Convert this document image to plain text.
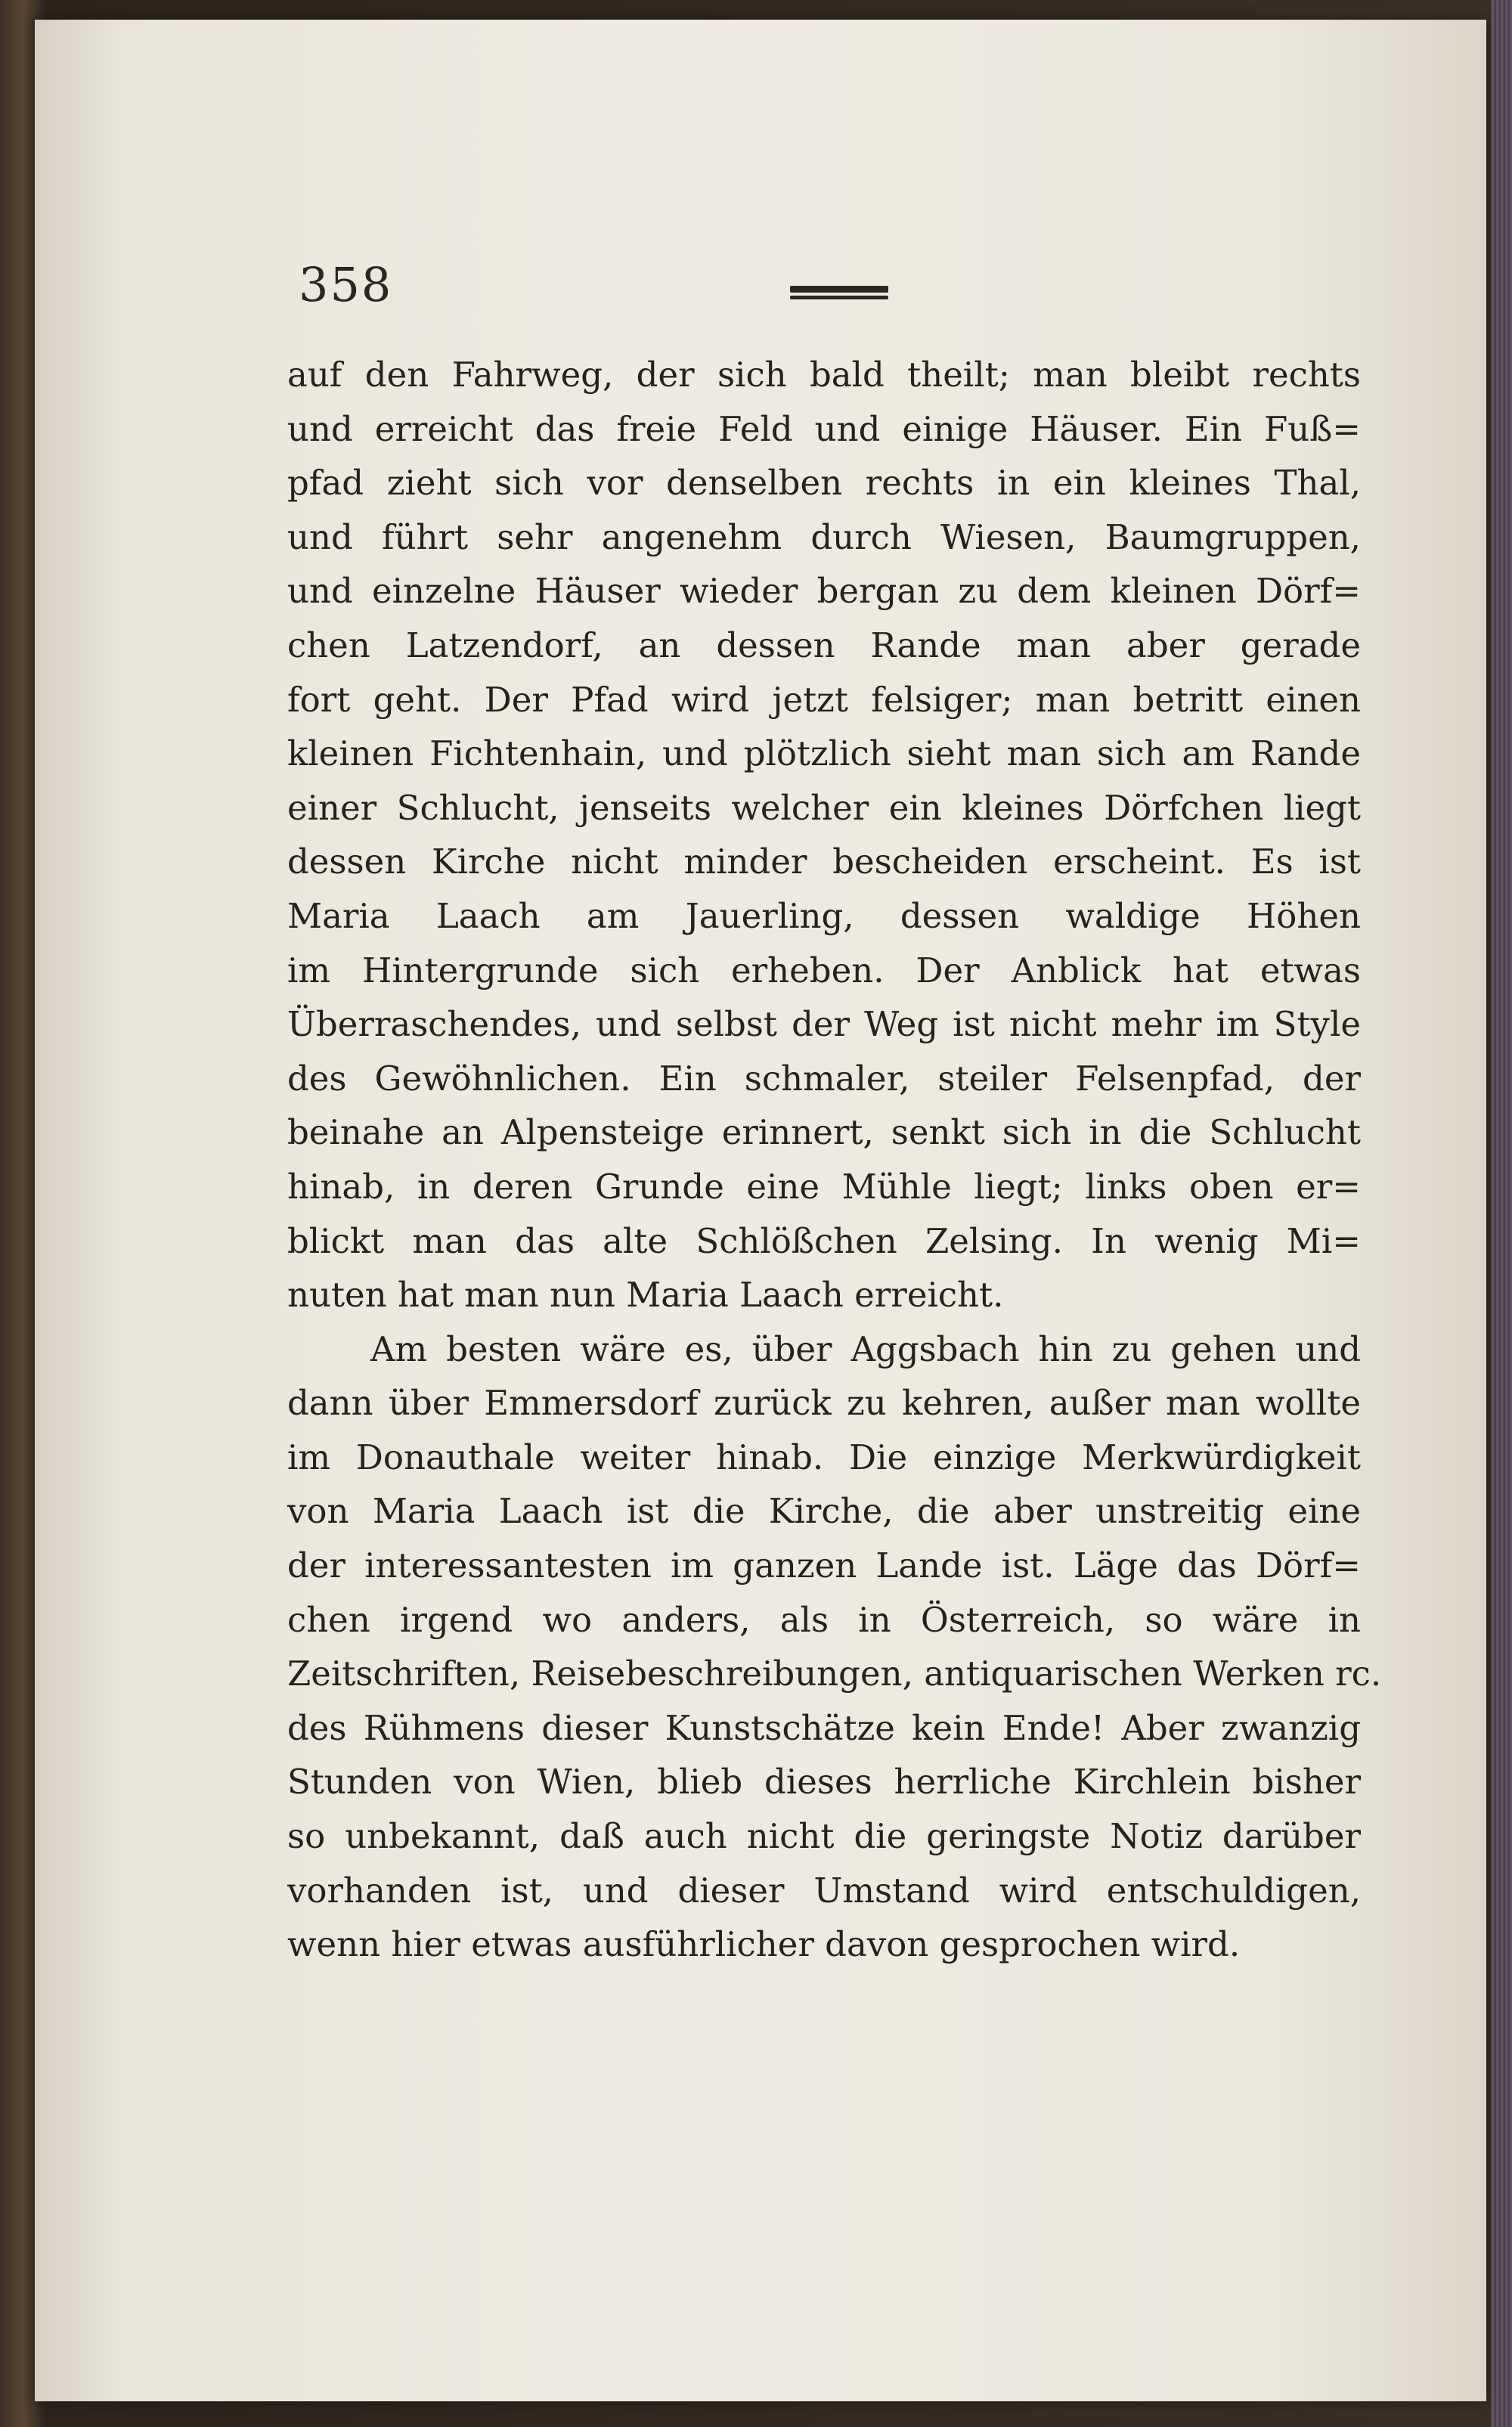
358
auf den Fahrweg, der sich bald theilt; man bleibt rechts
und erreicht das freie Feld und einige Häuser. Ein Fuß=
pfad zieht sich vor denselben rechts in ein kleines Thal,
und führt sehr angenehm durch Wiesen, Baumgruppen,
und einzelne Häuser wieder bergan zu dem kleinen Dörf=
chen Latzendorf, an dessen Rande man aber gerade
fort geht. Der Pfad wird jetzt felsiger; man betritt einen
kleinen Fichtenhain, und plötzlich sieht man sich am Rande
einer Schlucht, jenseits welcher ein kleines Dörfchen liegt
dessen Kirche nicht minder bescheiden erscheint. Es ist
Maria Laach am Jauerling, dessen waldige Höhen
im Hintergrunde sich erheben. Der Anblick hat etwas
Überraschendes, und selbst der Weg ist nicht mehr im Style
des Gewöhnlichen. Ein schmaler, steiler Felsenpfad, der
beinahe an Alpensteige erinnert, senkt sich in die Schlucht
hinab, in deren Grunde eine Mühle liegt; links oben er=
blickt man das alte Schlößchen Zelsing. In wenig Mi=
nuten hat man nun Maria Laach erreicht.
Am besten wäre es, über Aggsbach hin zu gehen und
dann über Emmersdorf zurück zu kehren, außer man wollte
im Donauthale weiter hinab. Die einzige Merkwürdigkeit
von Maria Laach ist die Kirche, die aber unstreitig eine
der interessantesten im ganzen Lande ist. Läge das Dörf=
chen irgend wo anders, als in Österreich, so wäre in
Zeitschriften, Reisebeschreibungen, antiquarischen Werken rc.
des Rühmens dieser Kunstschätze kein Ende! Aber zwanzig
Stunden von Wien, blieb dieses herrliche Kirchlein bisher
so unbekannt, daß auch nicht die geringste Notiz darüber
vorhanden ist, und dieser Umstand wird entschuldigen,
wenn hier etwas ausführlicher davon gesprochen wird.
